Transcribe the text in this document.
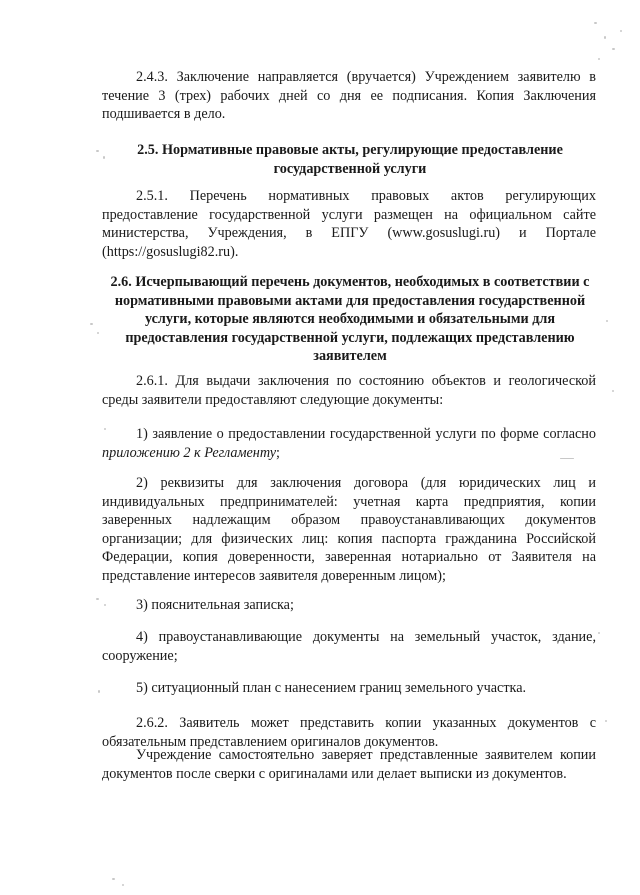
2.4.3. Заключение направляется (вручается) Учреждением заявителю в течение 3 (трех) рабочих дней со дня ее подписания. Копия Заключения подшивается в дело.

2.5. Нормативные правовые акты, регулирующие предоставление государственной услуги

2.5.1. Перечень нормативных правовых актов регулирующих предоставление государственной услуги размещен на официальном сайте министерства, Учреждения, в ЕПГУ (www.gosuslugi.ru) и Портале (https://gosuslugi82.ru).

2.6. Исчерпывающий перечень документов, необходимых в соответствии с нормативными правовыми актами для предоставления государственной услуги, которые являются необходимыми и обязательными для предоставления государственной услуги, подлежащих представлению заявителем

2.6.1. Для выдачи заключения по состоянию объектов и геологической среды заявители предоставляют следующие документы:

1) заявление о предоставлении государственной услуги по форме согласно приложению 2 к Регламенту;

2) реквизиты для заключения договора (для юридических лиц и индивидуальных предпринимателей: учетная карта предприятия, копии заверенных надлежащим образом правоустанавливающих документов организации; для физических лиц: копия паспорта гражданина Российской Федерации, копия доверенности, заверенная нотариально от Заявителя на представление интересов заявителя доверенным лицом);

3) пояснительная записка;

4) правоустанавливающие документы на земельный участок, здание, сооружение;

5) ситуационный план с нанесением границ земельного участка.

2.6.2. Заявитель может представить копии указанных документов с обязательным представлением оригиналов документов.

Учреждение самостоятельно заверяет представленные заявителем копии документов после сверки с оригиналами или делает выписки из документов.
